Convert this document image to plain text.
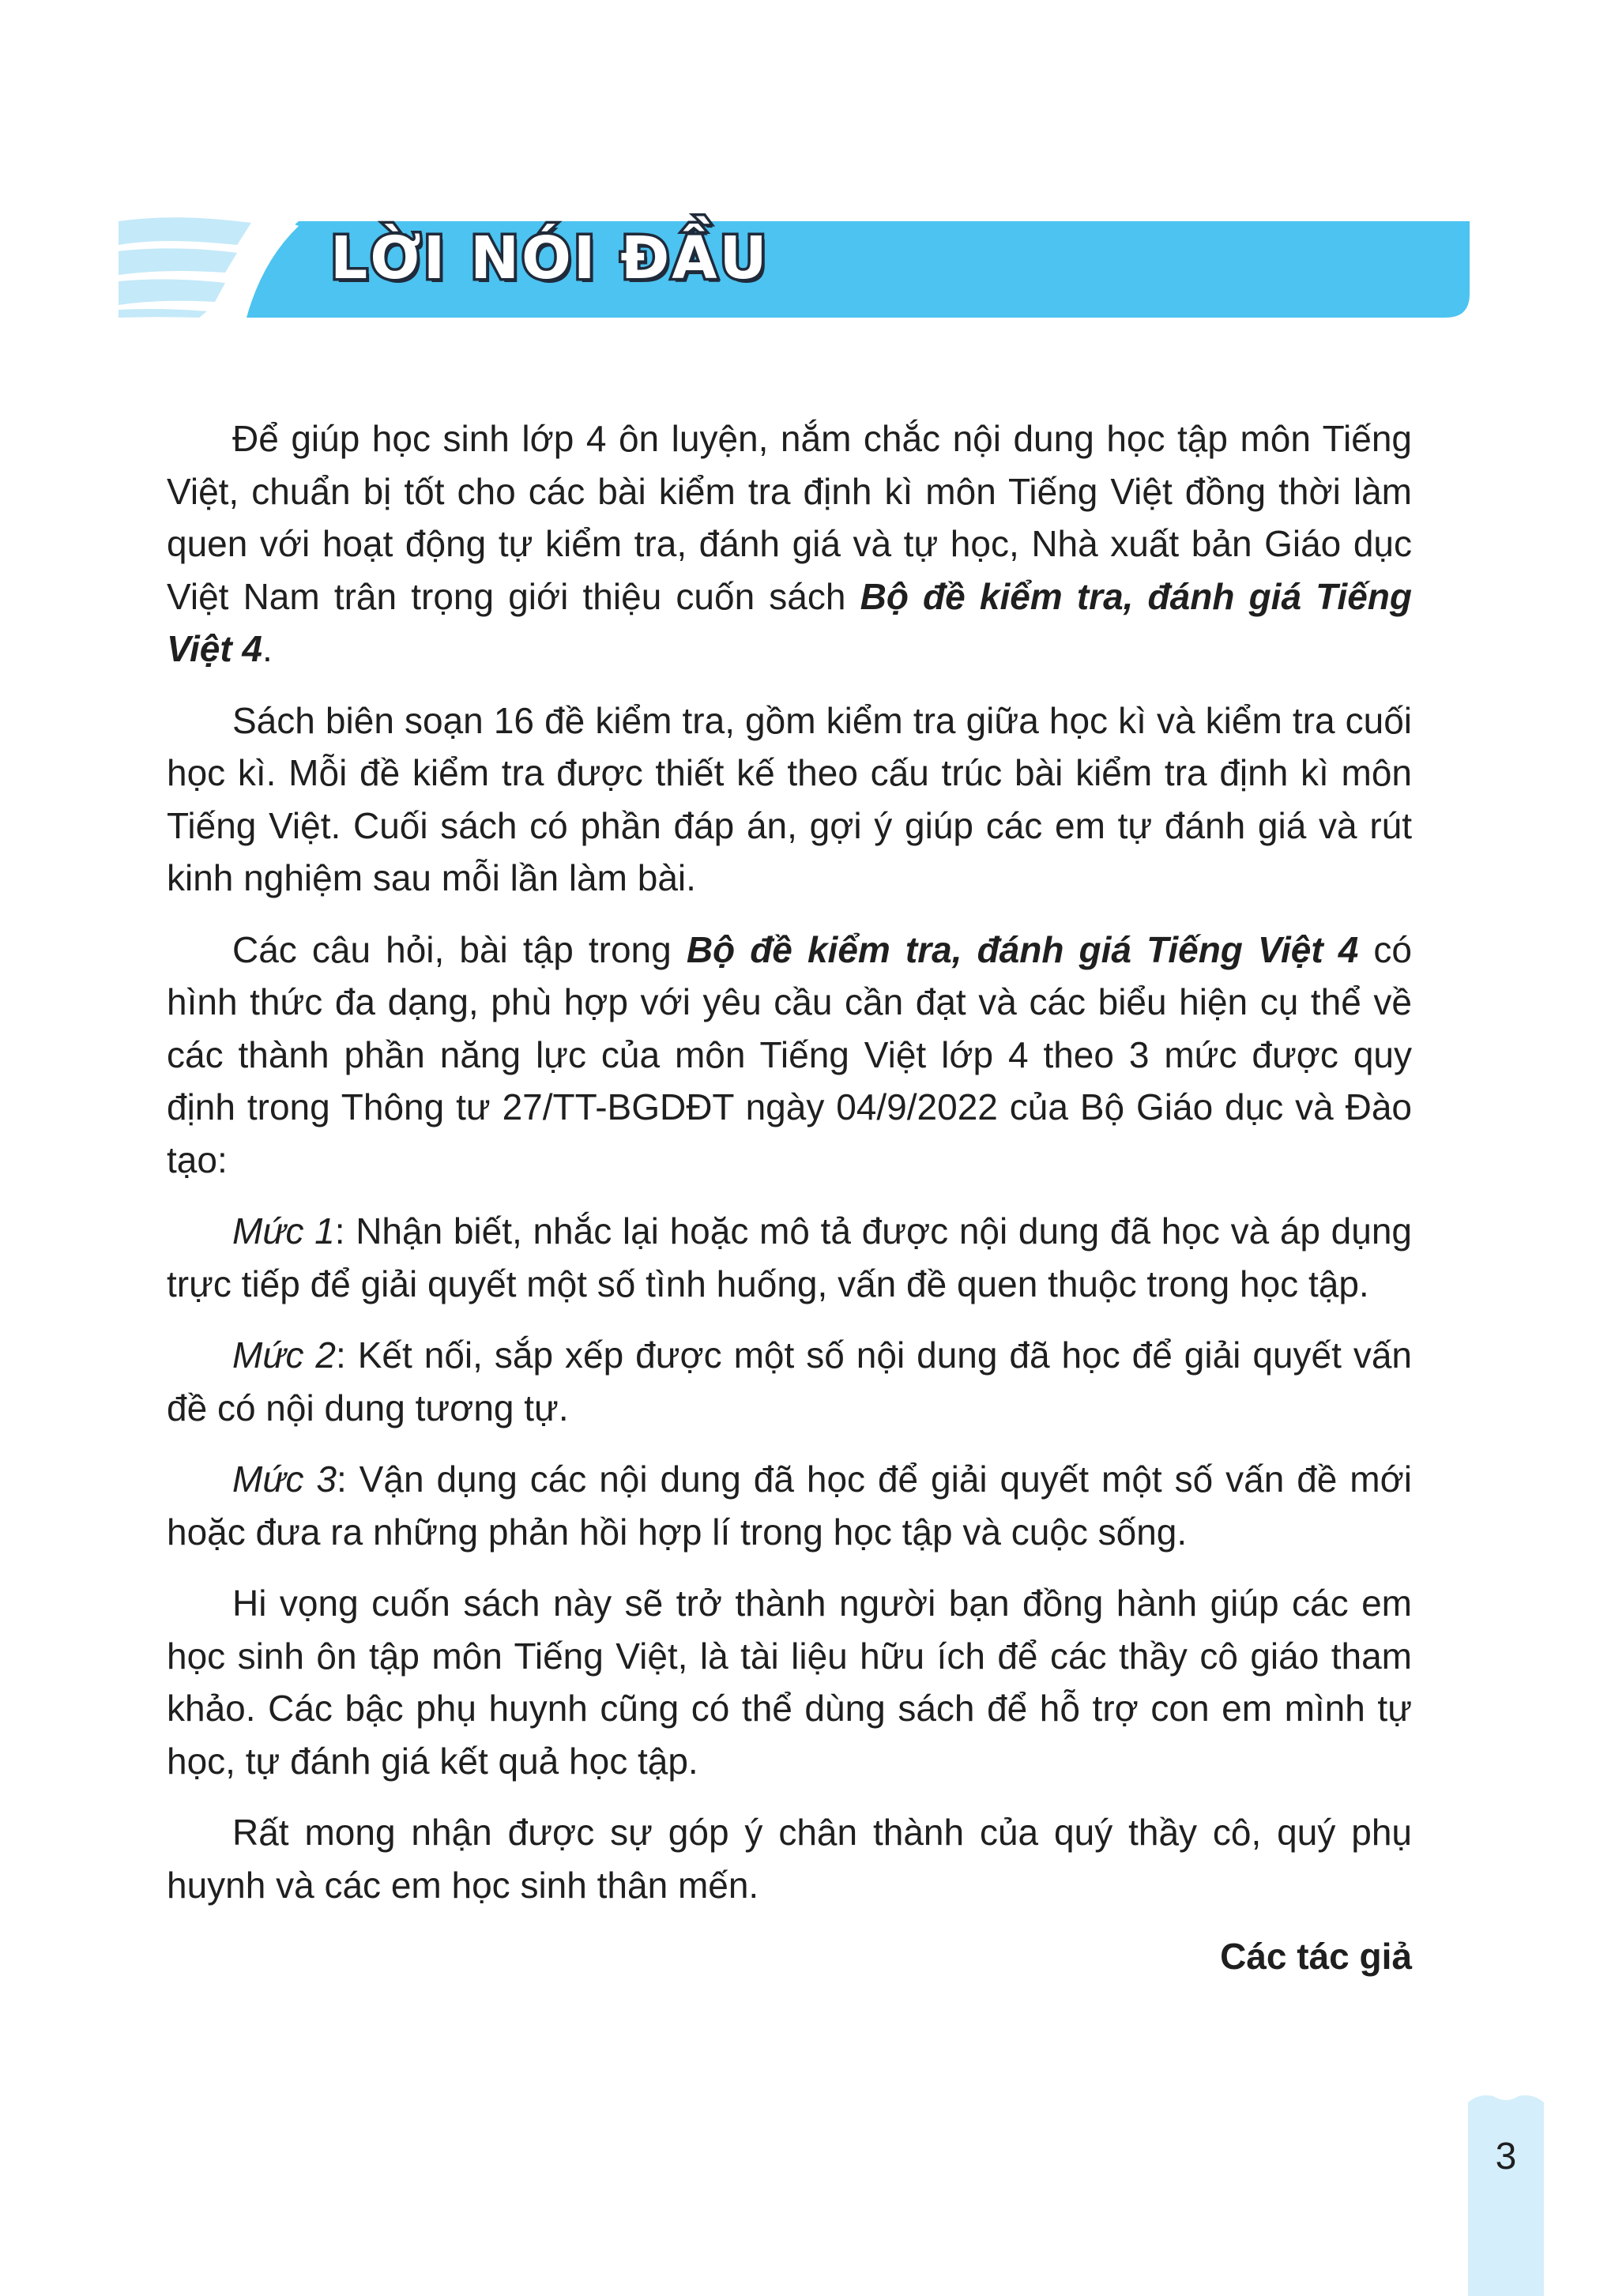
LỜI NÓI ĐẦU

Để giúp học sinh lớp 4 ôn luyện, nắm chắc nội dung học tập môn Tiếng Việt, chuẩn bị tốt cho các bài kiểm tra định kì môn Tiếng Việt đồng thời làm quen với hoạt động tự kiểm tra, đánh giá và tự học, Nhà xuất bản Giáo dục Việt Nam trân trọng giới thiệu cuốn sách Bộ đề kiểm tra, đánh giá Tiếng Việt 4.

Sách biên soạn 16 đề kiểm tra, gồm kiểm tra giữa học kì và kiểm tra cuối học kì. Mỗi đề kiểm tra được thiết kế theo cấu trúc bài kiểm tra định kì môn Tiếng Việt. Cuối sách có phần đáp án, gợi ý giúp các em tự đánh giá và rút kinh nghiệm sau mỗi lần làm bài.

Các câu hỏi, bài tập trong Bộ đề kiểm tra, đánh giá Tiếng Việt 4 có hình thức đa dạng, phù hợp với yêu cầu cần đạt và các biểu hiện cụ thể về các thành phần năng lực của môn Tiếng Việt lớp 4 theo 3 mức được quy định trong Thông tư 27/TT-BGDĐT ngày 04/9/2022 của Bộ Giáo dục và Đào tạo:

Mức 1: Nhận biết, nhắc lại hoặc mô tả được nội dung đã học và áp dụng trực tiếp để giải quyết một số tình huống, vấn đề quen thuộc trong học tập.

Mức 2: Kết nối, sắp xếp được một số nội dung đã học để giải quyết vấn đề có nội dung tương tự.

Mức 3: Vận dụng các nội dung đã học để giải quyết một số vấn đề mới hoặc đưa ra những phản hồi hợp lí trong học tập và cuộc sống.

Hi vọng cuốn sách này sẽ trở thành người bạn đồng hành giúp các em học sinh ôn tập môn Tiếng Việt, là tài liệu hữu ích để các thầy cô giáo tham khảo. Các bậc phụ huynh cũng có thể dùng sách để hỗ trợ con em mình tự học, tự đánh giá kết quả học tập.

Rất mong nhận được sự góp ý chân thành của quý thầy cô, quý phụ huynh và các em học sinh thân mến.

Các tác giả

3
